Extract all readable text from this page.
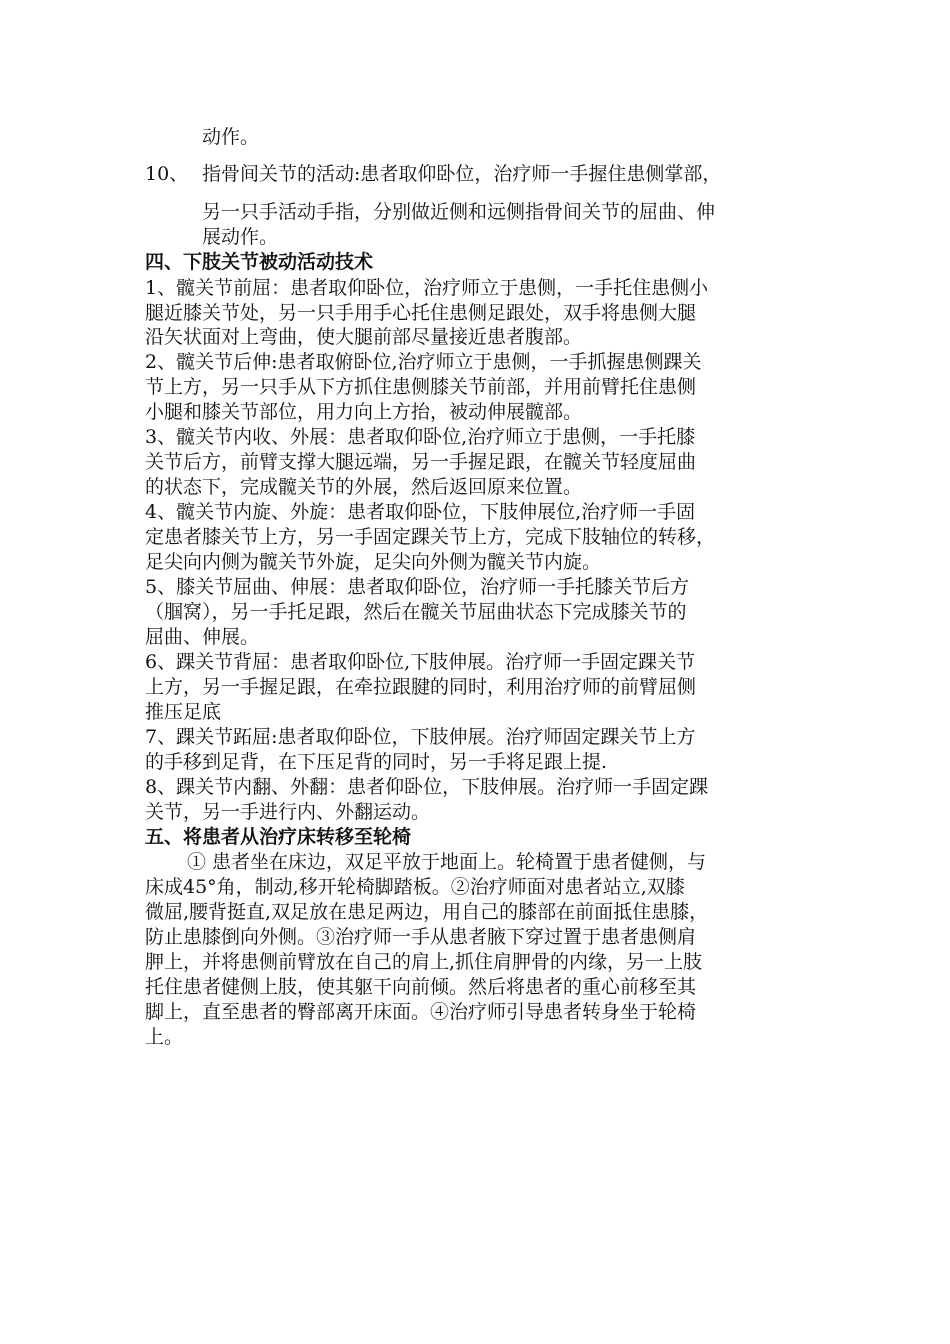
动作。
10、 指骨间关节的活动:患者取仰卧位，治疗师一手握住患侧掌部，
另一只手活动手指，分别做近侧和远侧指骨间关节的屈曲、伸
展动作。
四、下肢关节被动活动技术
1、髋关节前屈：患者取仰卧位，治疗师立于患侧，一手托住患侧小
腿近膝关节处，另一只手用手心托住患侧足跟处，双手将患侧大腿
沿矢状面对上弯曲，使大腿前部尽量接近患者腹部。
2、髋关节后伸:患者取俯卧位,治疗师立于患侧，一手抓握患侧踝关
节上方，另一只手从下方抓住患侧膝关节前部，并用前臂托住患侧
小腿和膝关节部位，用力向上方抬，被动伸展髋部。
3、髋关节内收、外展：患者取仰卧位,治疗师立于患侧，一手托膝
关节后方，前臂支撑大腿远端，另一手握足跟，在髋关节轻度屈曲
的状态下，完成髋关节的外展，然后返回原来位置。
4、髋关节内旋、外旋：患者取仰卧位，下肢伸展位,治疗师一手固
定患者膝关节上方，另一手固定踝关节上方，完成下肢轴位的转移，
足尖向内侧为髋关节外旋，足尖向外侧为髋关节内旋。
5、膝关节屈曲、伸展：患者取仰卧位，治疗师一手托膝关节后方
（腘窝），另一手托足跟，然后在髋关节屈曲状态下完成膝关节的
屈曲、伸展。
6、踝关节背屈：患者取仰卧位,下肢伸展。治疗师一手固定踝关节
上方，另一手握足跟，在牵拉跟腱的同时，利用治疗师的前臂屈侧
推压足底
7、踝关节跖屈:患者取仰卧位，下肢伸展。治疗师固定踝关节上方
的手移到足背，在下压足背的同时，另一手将足跟上提.
8、踝关节内翻、外翻：患者仰卧位，下肢伸展。治疗师一手固定踝
关节，另一手进行内、外翻运动。
五、将患者从治疗床转移至轮椅
① 患者坐在床边，双足平放于地面上。轮椅置于患者健侧，与
床成45°角，制动,移开轮椅脚踏板。②治疗师面对患者站立,双膝
微屈,腰背挺直,双足放在患足两边，用自己的膝部在前面抵住患膝，
防止患膝倒向外侧。③治疗师一手从患者腋下穿过置于患者患侧肩
胛上，并将患侧前臂放在自己的肩上,抓住肩胛骨的内缘，另一上肢
托住患者健侧上肢，使其躯干向前倾。然后将患者的重心前移至其
脚上，直至患者的臀部离开床面。④治疗师引导患者转身坐于轮椅
上。
